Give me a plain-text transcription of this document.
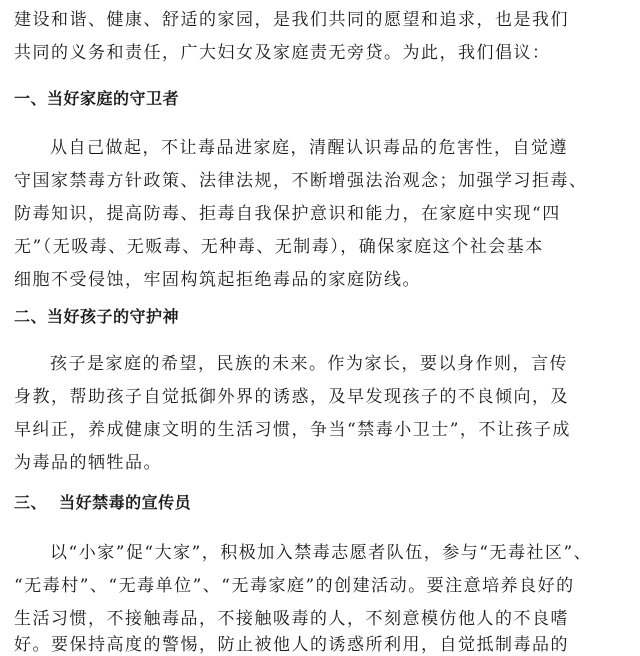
建设和谐、健康、舒适的家园，是我们共同的愿望和追求，也是我们
共同的义务和责任，广大妇女及家庭责无旁贷。为此，我们倡议：
一、当好家庭的守卫者
从自己做起，不让毒品进家庭，清醒认识毒品的危害性，自觉遵
守国家禁毒方针政策、法律法规，不断增强法治观念；加强学习拒毒、
防毒知识，提高防毒、拒毒自我保护意识和能力，在家庭中实现“四
无”（无吸毒、无贩毒、无种毒、无制毒），确保家庭这个社会基本
细胞不受侵蚀，牢固构筑起拒绝毒品的家庭防线。
二、当好孩子的守护神
孩子是家庭的希望，民族的未来。作为家长，要以身作则，言传
身教，帮助孩子自觉抵御外界的诱惑，及早发现孩子的不良倾向，及
早纠正，养成健康文明的生活习惯，争当“禁毒小卫士”，不让孩子成
为毒品的牺牲品。
三、  当好禁毒的宣传员
以“小家”促“大家”，积极加入禁毒志愿者队伍，参与“无毒社区”、
“无毒村”、“无毒单位”、“无毒家庭”的创建活动。要注意培养良好的
生活习惯，不接触毒品，不接触吸毒的人，不刻意模仿他人的不良嗜
好。要保持高度的警惕，防止被他人的诱惑所利用，自觉抵制毒品的
